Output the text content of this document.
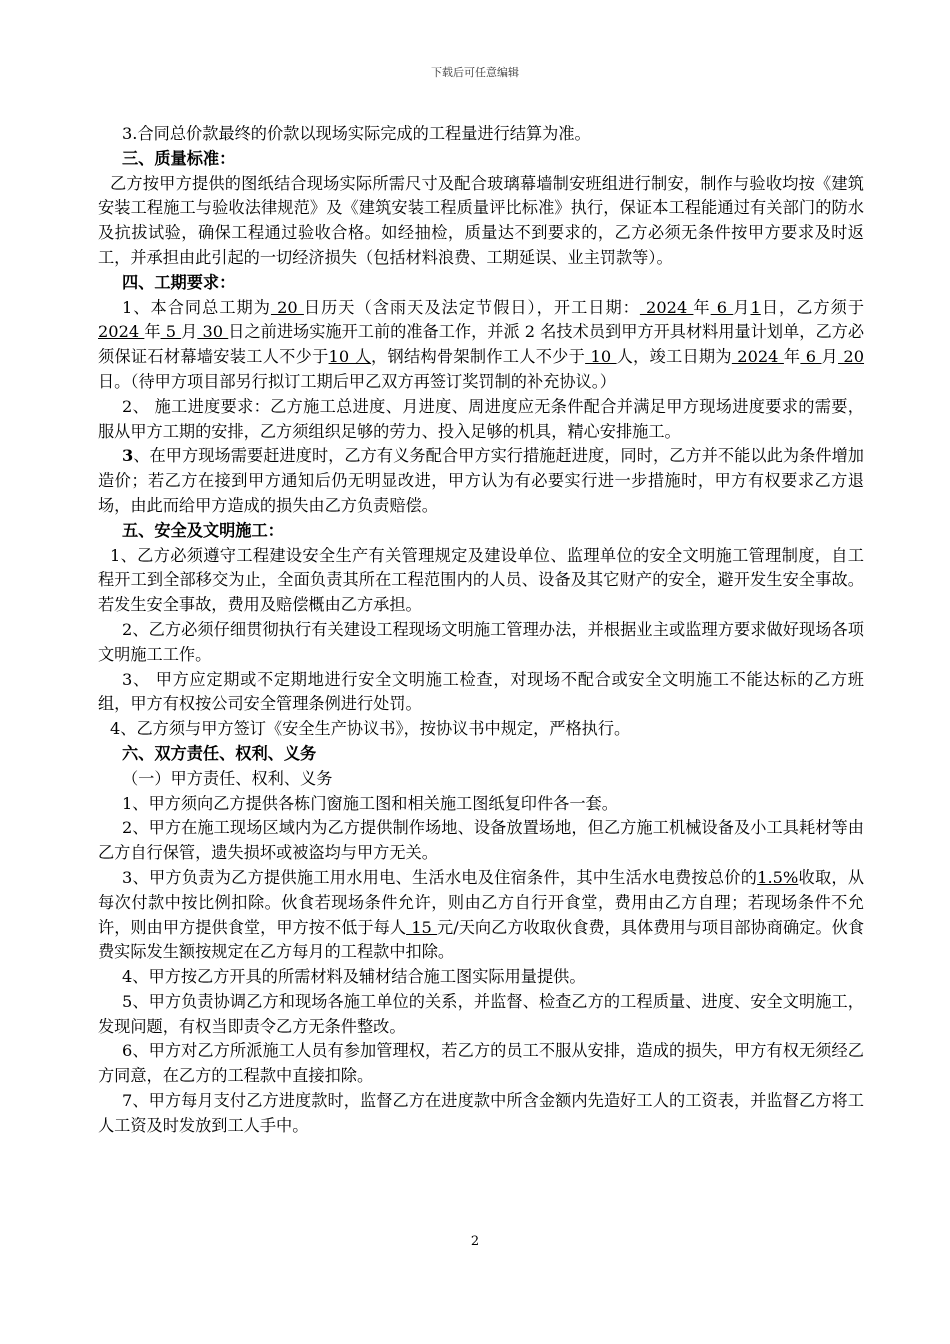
下载后可任意编辑

3.合同总价款最终的价款以现场实际完成的工程量进行结算为准。

三、质量标准：

乙方按甲方提供的图纸结合现场实际所需尺寸及配合玻璃幕墙制安班组进行制安，制作与验收均按《建筑安装工程施工与验收法律规范》及《建筑安装工程质量评比标准》执行，保证本工程能通过有关部门的防水及抗拔试验，确保工程通过验收合格。如经抽检，质量达不到要求的，乙方必须无条件按甲方要求及时返工，并承担由此引起的一切经济损失（包括材料浪费、工期延误、业主罚款等）。

四、工期要求：

1、本合同总工期为 20 日历天（含雨天及法定节假日），开工日期： 2024 年 6 月1日，乙方须于 2024 年 5 月 30 日之前进场实施开工前的准备工作，并派 2 名技术员到甲方开具材料用量计划单，乙方必须保证石材幕墙安装工人不少于10 人，钢结构骨架制作工人不少于 10 人，竣工日期为 2024 年 6 月 20 日。（待甲方项目部另行拟订工期后甲乙双方再签订奖罚制的补充协议。）

2、 施工进度要求：乙方施工总进度、月进度、周进度应无条件配合并满足甲方现场进度要求的需要，服从甲方工期的安排，乙方须组织足够的劳力、投入足够的机具，精心安排施工。

3、在甲方现场需要赶进度时，乙方有义务配合甲方实行措施赶进度，同时，乙方并不能以此为条件增加造价；若乙方在接到甲方通知后仍无明显改进，甲方认为有必要实行进一步措施时，甲方有权要求乙方退场，由此而给甲方造成的损失由乙方负责赔偿。

五、安全及文明施工：

1、乙方必须遵守工程建设安全生产有关管理规定及建设单位、监理单位的安全文明施工管理制度，自工程开工到全部移交为止，全面负责其所在工程范围内的人员、设备及其它财产的安全，避开发生安全事故。若发生安全事故，费用及赔偿概由乙方承担。

2、乙方必须仔细贯彻执行有关建设工程现场文明施工管理办法，并根据业主或监理方要求做好现场各项文明施工工作。

3、 甲方应定期或不定期地进行安全文明施工检查，对现场不配合或安全文明施工不能达标的乙方班组，甲方有权按公司安全管理条例进行处罚。

4、乙方须与甲方签订《安全生产协议书》，按协议书中规定，严格执行。

六、双方责任、权利、义务

（一）甲方责任、权利、义务

1、甲方须向乙方提供各栋门窗施工图和相关施工图纸复印件各一套。

2、甲方在施工现场区域内为乙方提供制作场地、设备放置场地，但乙方施工机械设备及小工具耗材等由乙方自行保管，遗失损坏或被盗均与甲方无关。

3、甲方负责为乙方提供施工用水用电、生活水电及住宿条件，其中生活水电费按总价的1.5%收取，从每次付款中按比例扣除。伙食若现场条件允许，则由乙方自行开食堂，费用由乙方自理；若现场条件不允许，则由甲方提供食堂，甲方按不低于每人 15 元/天向乙方收取伙食费，具体费用与项目部协商确定。伙食费实际发生额按规定在乙方每月的工程款中扣除。

4、甲方按乙方开具的所需材料及辅材结合施工图实际用量提供。

5、甲方负责协调乙方和现场各施工单位的关系，并监督、检查乙方的工程质量、进度、安全文明施工，发现问题，有权当即责令乙方无条件整改。

6、甲方对乙方所派施工人员有参加管理权，若乙方的员工不服从安排，造成的损失，甲方有权无须经乙方同意，在乙方的工程款中直接扣除。

7、甲方每月支付乙方进度款时，监督乙方在进度款中所含金额内先造好工人的工资表，并监督乙方将工人工资及时发放到工人手中。

2
